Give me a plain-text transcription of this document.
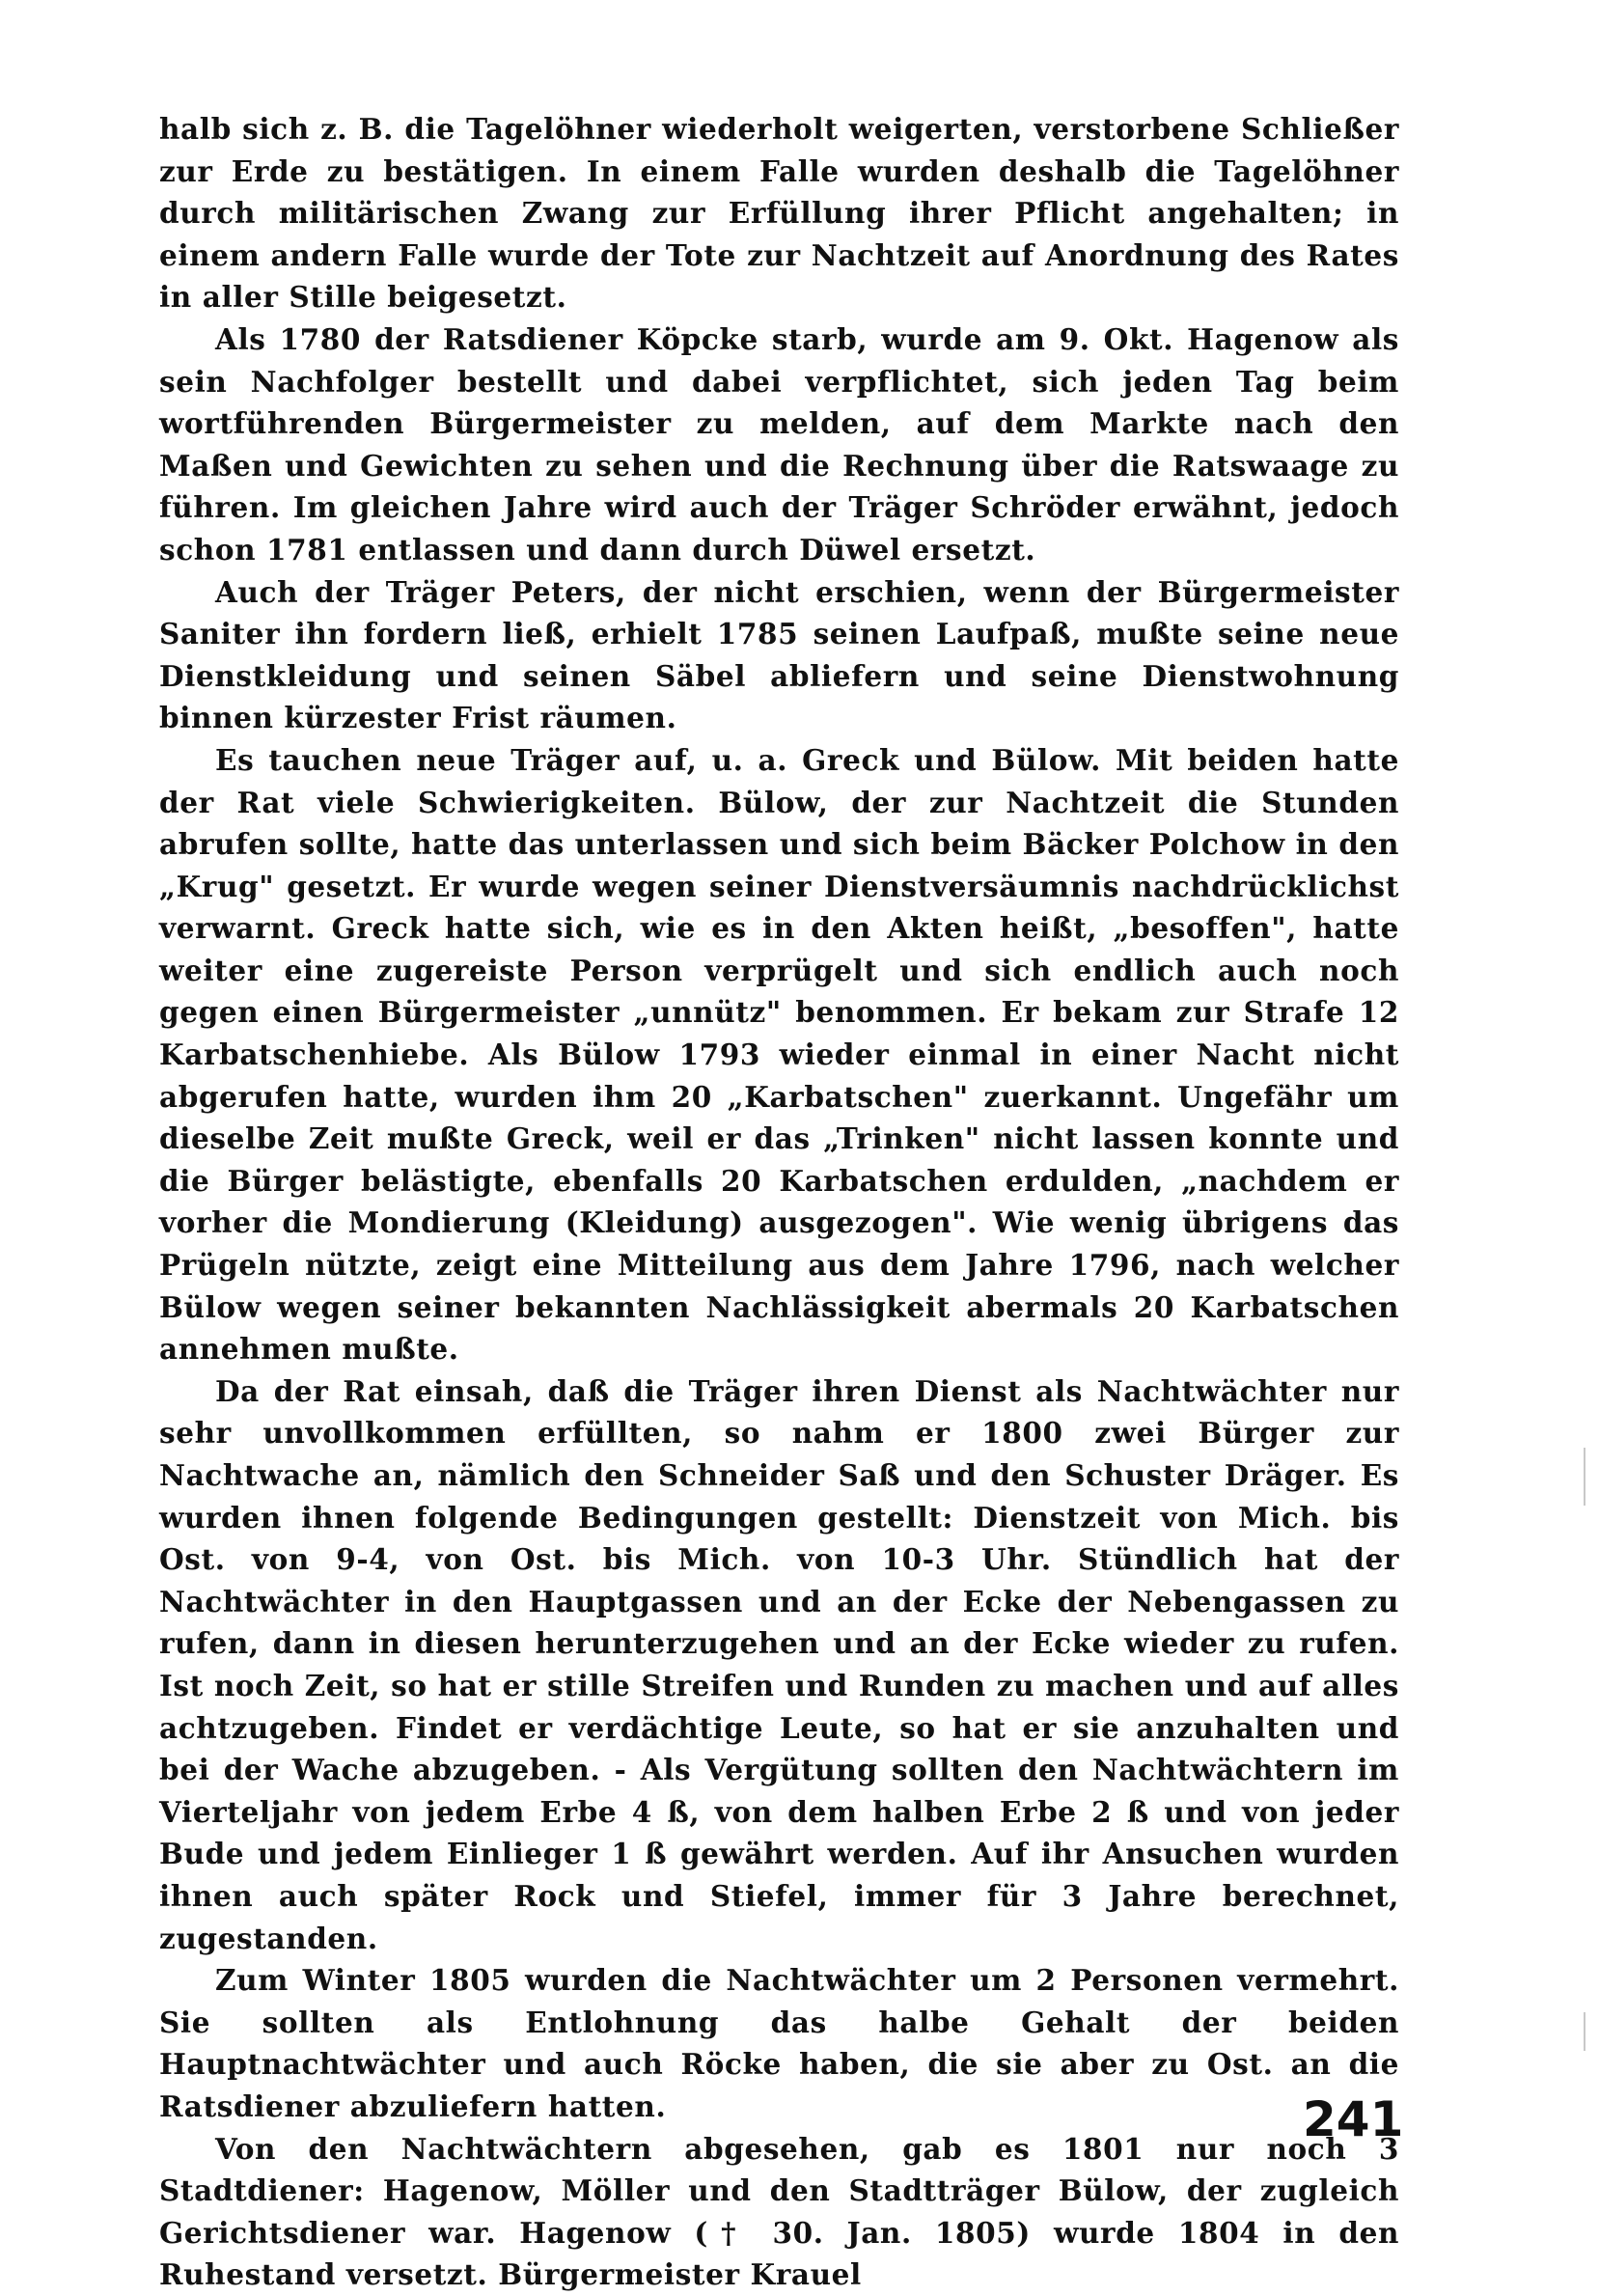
halb sich z. B. die Tagelöhner wiederholt weigerten, verstorbene Schließer zur Erde zu bestätigen. In einem Falle wurden deshalb die Tagelöhner durch militärischen Zwang zur Erfüllung ihrer Pflicht angehalten; in einem andern Falle wurde der Tote zur Nachtzeit auf Anordnung des Rates in aller Stille beigesetzt.

Als 1780 der Ratsdiener Köpcke starb, wurde am 9. Okt. Hagenow als sein Nachfolger bestellt und dabei verpflichtet, sich jeden Tag beim wortführenden Bürgermeister zu melden, auf dem Markte nach den Maßen und Gewichten zu sehen und die Rechnung über die Ratswaage zu führen. Im gleichen Jahre wird auch der Träger Schröder erwähnt, jedoch schon 1781 entlassen und dann durch Düwel ersetzt.

Auch der Träger Peters, der nicht erschien, wenn der Bürgermeister Saniter ihn fordern ließ, erhielt 1785 seinen Laufpaß, mußte seine neue Dienstkleidung und seinen Säbel abliefern und seine Dienstwohnung binnen kürzester Frist räumen.

Es tauchen neue Träger auf, u. a. Greck und Bülow. Mit beiden hatte der Rat viele Schwierigkeiten. Bülow, der zur Nachtzeit die Stunden abrufen sollte, hatte das unterlassen und sich beim Bäcker Polchow in den „Krug" gesetzt. Er wurde wegen seiner Dienstversäumnis nachdrücklichst verwarnt. Greck hatte sich, wie es in den Akten heißt, „besoffen", hatte weiter eine zugereiste Person verprügelt und sich endlich auch noch gegen einen Bürgermeister „unnütz" benommen. Er bekam zur Strafe 12 Karbatschenhiebe. Als Bülow 1793 wieder einmal in einer Nacht nicht abgerufen hatte, wurden ihm 20 „Karbatschen" zuerkannt. Ungefähr um dieselbe Zeit mußte Greck, weil er das „Trinken" nicht lassen konnte und die Bürger belästigte, ebenfalls 20 Karbatschen erdulden, „nachdem er vorher die Mondierung (Kleidung) ausgezogen". Wie wenig übrigens das Prügeln nützte, zeigt eine Mitteilung aus dem Jahre 1796, nach welcher Bülow wegen seiner bekannten Nachlässigkeit abermals 20 Karbatschen annehmen mußte.

Da der Rat einsah, daß die Träger ihren Dienst als Nachtwächter nur sehr unvollkommen erfüllten, so nahm er 1800 zwei Bürger zur Nachtwache an, nämlich den Schneider Saß und den Schuster Dräger. Es wurden ihnen folgende Bedingungen gestellt: Dienstzeit von Mich. bis Ost. von 9-4, von Ost. bis Mich. von 10-3 Uhr. Stündlich hat der Nachtwächter in den Hauptgassen und an der Ecke der Nebengassen zu rufen, dann in diesen herunterzugehen und an der Ecke wieder zu rufen. Ist noch Zeit, so hat er stille Streifen und Runden zu machen und auf alles achtzugeben. Findet er verdächtige Leute, so hat er sie anzuhalten und bei der Wache abzugeben. - Als Vergütung sollten den Nachtwächtern im Vierteljahr von jedem Erbe 4 ß, von dem halben Erbe 2 ß und von jeder Bude und jedem Einlieger 1 ß gewährt werden. Auf ihr Ansuchen wurden ihnen auch später Rock und Stiefel, immer für 3 Jahre berechnet, zugestanden.

Zum Winter 1805 wurden die Nachtwächter um 2 Personen vermehrt. Sie sollten als Entlohnung das halbe Gehalt der beiden Hauptnachtwächter und auch Röcke haben, die sie aber zu Ost. an die Ratsdiener abzuliefern hatten.

Von den Nachtwächtern abgesehen, gab es 1801 nur noch 3 Stadtdiener: Hagenow, Möller und den Stadtträger Bülow, der zugleich Gerichtsdiener war. Hagenow († 30. Jan. 1805) wurde 1804 in den Ruhestand versetzt. Bürgermeister Krauel

241
